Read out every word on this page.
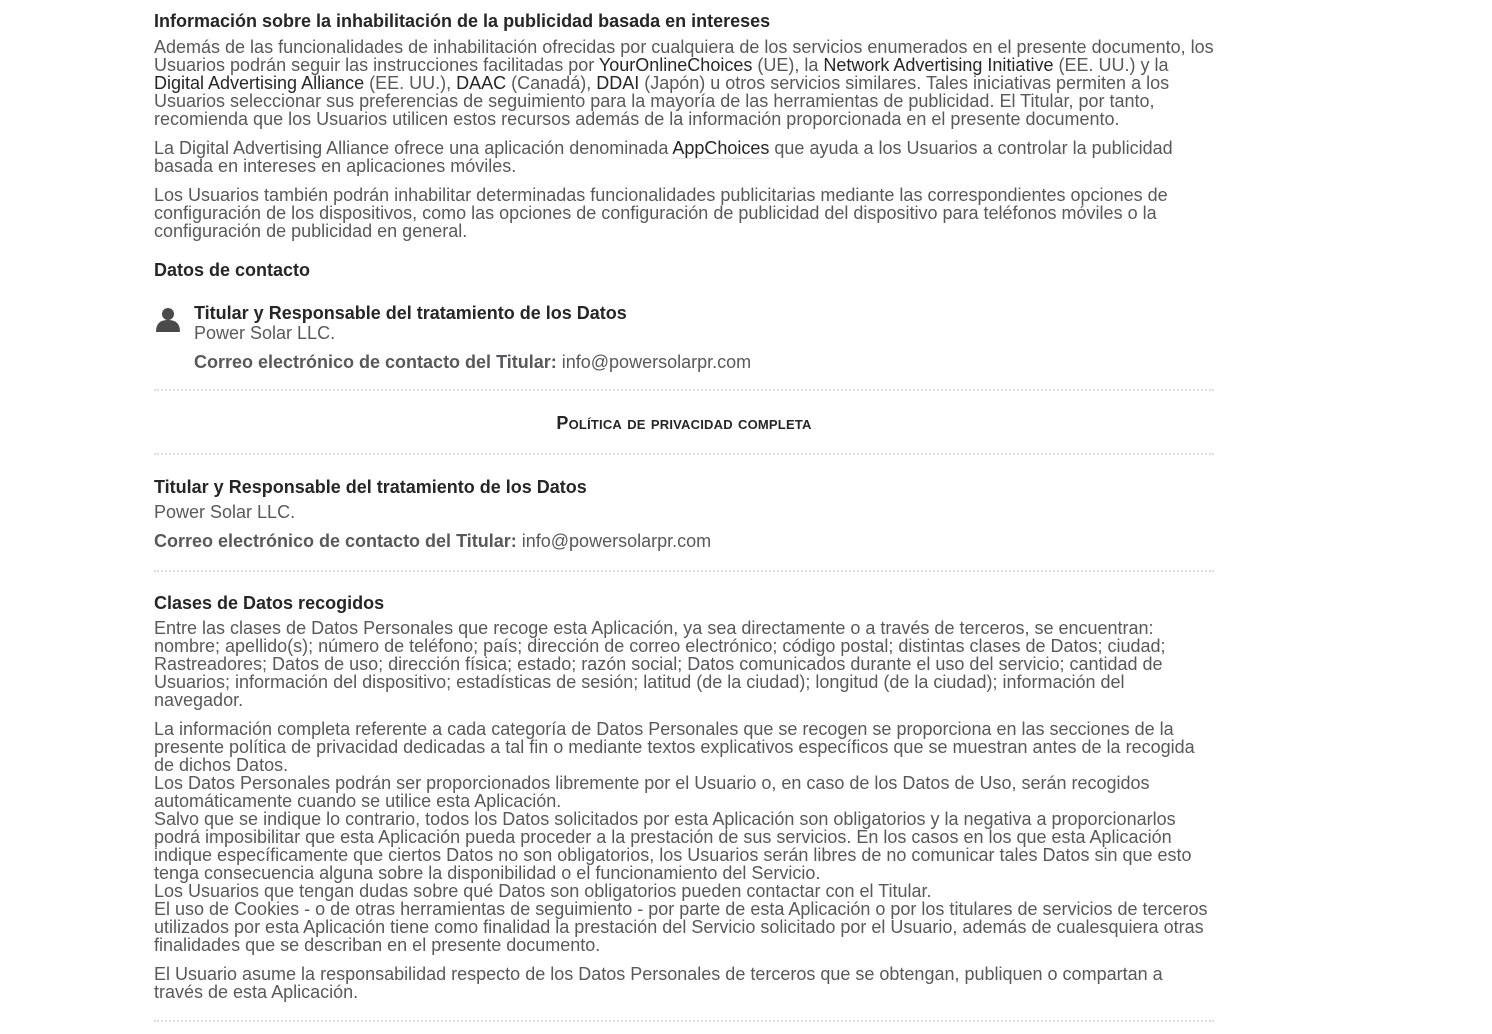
Información sobre la inhabilitación de la publicidad basada en intereses

Además de las funcionalidades de inhabilitación ofrecidas por cualquiera de los servicios enumerados en el presente documento, los Usuarios podrán seguir las instrucciones facilitadas por YourOnlineChoices (UE), la Network Advertising Initiative (EE. UU.) y la Digital Advertising Alliance (EE. UU.), DAAC (Canadá), DDAI (Japón) u otros servicios similares. Tales iniciativas permiten a los Usuarios seleccionar sus preferencias de seguimiento para la mayoría de las herramientas de publicidad. El Titular, por tanto, recomienda que los Usuarios utilicen estos recursos además de la información proporcionada en el presente documento.

La Digital Advertising Alliance ofrece una aplicación denominada AppChoices que ayuda a los Usuarios a controlar la publicidad basada en intereses en aplicaciones móviles.

Los Usuarios también podrán inhabilitar determinadas funcionalidades publicitarias mediante las correspondientes opciones de configuración de los dispositivos, como las opciones de configuración de publicidad del dispositivo para teléfonos móviles o la configuración de publicidad en general.

Datos de contacto
Titular y Responsable del tratamiento de los Datos

Power Solar LLC.

Correo electrónico de contacto del Titular: info@powersolarpr.com

Política de privacidad completa
Titular y Responsable del tratamiento de los Datos

Power Solar LLC.

Correo electrónico de contacto del Titular: info@powersolarpr.com

Clases de Datos recogidos

Entre las clases de Datos Personales que recoge esta Aplicación, ya sea directamente o a través de terceros, se encuentran: nombre; apellido(s); número de teléfono; país; dirección de correo electrónico; código postal; distintas clases de Datos; ciudad; Rastreadores; Datos de uso; dirección física; estado; razón social; Datos comunicados durante el uso del servicio; cantidad de Usuarios; información del dispositivo; estadísticas de sesión; latitud (de la ciudad); longitud (de la ciudad); información del navegador.

La información completa referente a cada categoría de Datos Personales que se recogen se proporciona en las secciones de la presente política de privacidad dedicadas a tal fin o mediante textos explicativos específicos que se muestran antes de la recogida de dichos Datos.

Los Datos Personales podrán ser proporcionados libremente por el Usuario o, en caso de los Datos de Uso, serán recogidos automáticamente cuando se utilice esta Aplicación.

Salvo que se indique lo contrario, todos los Datos solicitados por esta Aplicación son obligatorios y la negativa a proporcionarlos podrá imposibilitar que esta Aplicación pueda proceder a la prestación de sus servicios. En los casos en los que esta Aplicación indique específicamente que ciertos Datos no son obligatorios, los Usuarios serán libres de no comunicar tales Datos sin que esto tenga consecuencia alguna sobre la disponibilidad o el funcionamiento del Servicio.

Los Usuarios que tengan dudas sobre qué Datos son obligatorios pueden contactar con el Titular.

El uso de Cookies - o de otras herramientas de seguimiento - por parte de esta Aplicación o por los titulares de servicios de terceros utilizados por esta Aplicación tiene como finalidad la prestación del Servicio solicitado por el Usuario, además de cualesquiera otras finalidades que se describan en el presente documento.

El Usuario asume la responsabilidad respecto de los Datos Personales de terceros que se obtengan, publiquen o compartan a través de esta Aplicación.
